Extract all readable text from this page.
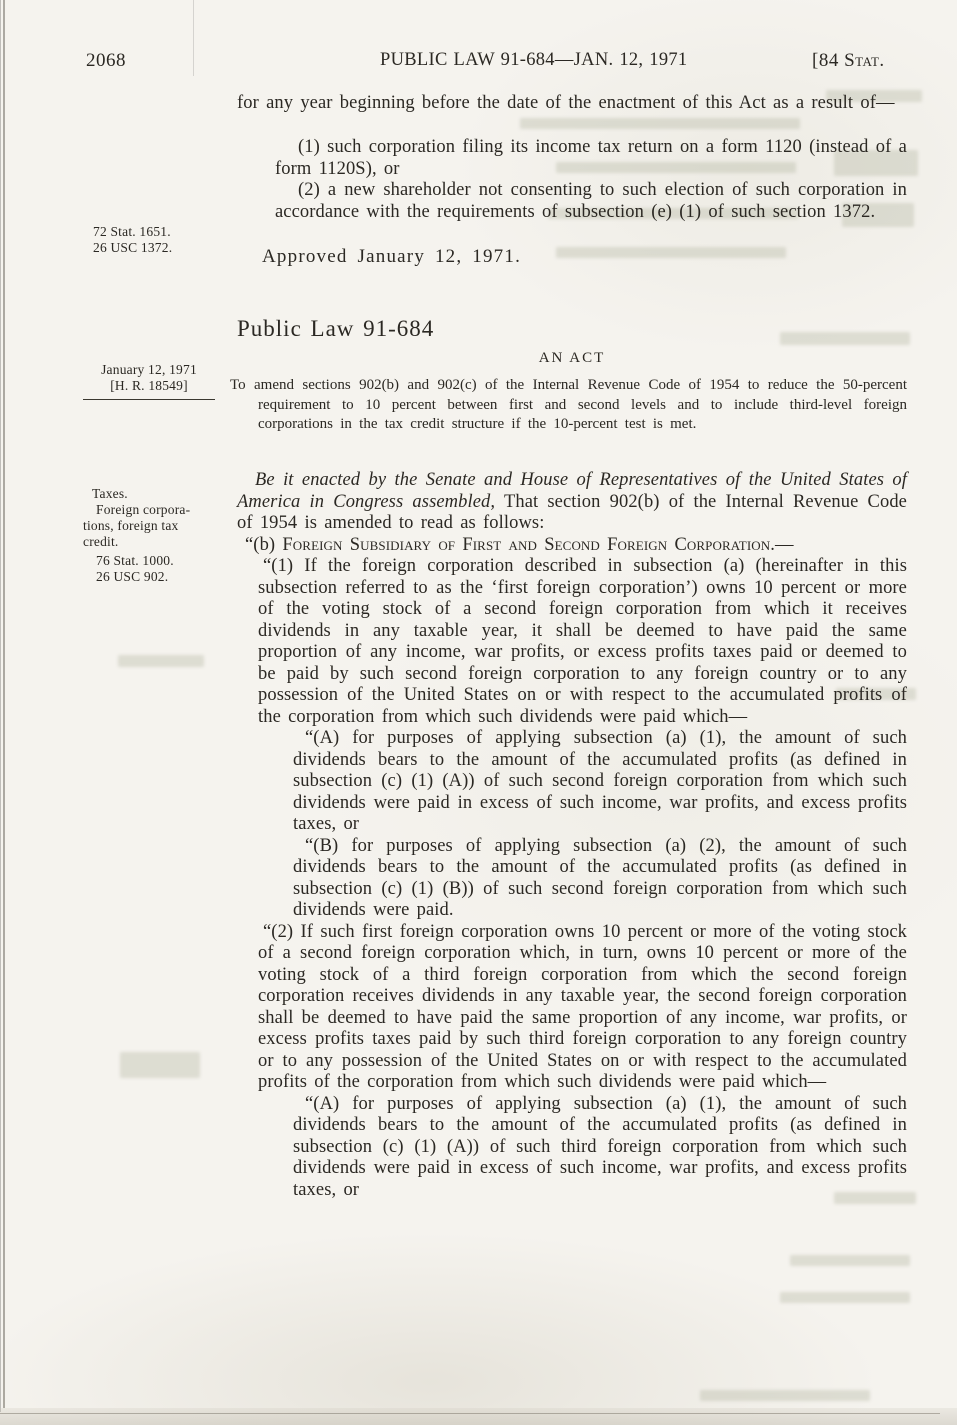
2068	PUBLIC LAW 91-684—JAN. 12, 1971	[84 Stat.

for any year beginning before the date of the enactment of this Act as a result of—

(1) such corporation filing its income tax return on a form 1120 (instead of a form 1120S), or

(2) a new shareholder not consenting to such election of such corporation in accordance with the requirements of subsection (e) (1) of such section 1372.

Approved January 12, 1971.

72 Stat. 1651.

26 USC 1372.

Public Law 91-684
AN ACT

January 12, 1971

[H. R. 18549]	To amend sections 902(b) and 902(c) of the Internal Revenue Code of 1954 to reduce the 50-percent requirement to 10 percent between first and second levels and to include third-level foreign corporations in the tax credit structure if the 10-percent test is met.

Taxes.

Foreign corpora-

tions, foreign tax

credit.

76 Stat. 1000.

26 USC 902.

Be it enacted by the Senate and House of Representatives of the United States of America in Congress assembled, That section 902(b) of the Internal Revenue Code of 1954 is amended to read as follows:

“(b) Foreign Subsidiary of First and Second Foreign Corporation.—

“(1) If the foreign corporation described in subsection (a) (hereinafter in this subsection referred to as the ‘first foreign corporation’) owns 10 percent or more of the voting stock of a second foreign corporation from which it receives dividends in any taxable year, it shall be deemed to have paid the same proportion of any income, war profits, or excess profits taxes paid or deemed to be paid by such second foreign corporation to any foreign country or to any possession of the United States on or with respect to the accumulated profits of the corporation from which such dividends were paid which—

“(A) for purposes of applying subsection (a) (1), the amount of such dividends bears to the amount of the accumulated profits (as defined in subsection (c) (1) (A)) of such second foreign corporation from which such dividends were paid in excess of such income, war profits, and excess profits taxes, or

“(B) for purposes of applying subsection (a) (2), the amount of such dividends bears to the amount of the accumulated profits (as defined in subsection (c) (1) (B)) of such second foreign corporation from which such dividends were paid.

“(2) If such first foreign corporation owns 10 percent or more of the voting stock of a second foreign corporation which, in turn, owns 10 percent or more of the voting stock of a third foreign corporation from which the second foreign corporation receives dividends in any taxable year, the second foreign corporation shall be deemed to have paid the same proportion of any income, war profits, or excess profits taxes paid by such third foreign corporation to any foreign country or to any possession of the United States on or with respect to the accumulated profits of the corporation from which such dividends were paid which—

“(A) for purposes of applying subsection (a) (1), the amount of such dividends bears to the amount of the accumulated profits (as defined in subsection (c) (1) (A)) of such third foreign corporation from which such dividends were paid in excess of such income, war profits, and excess profits taxes, or
